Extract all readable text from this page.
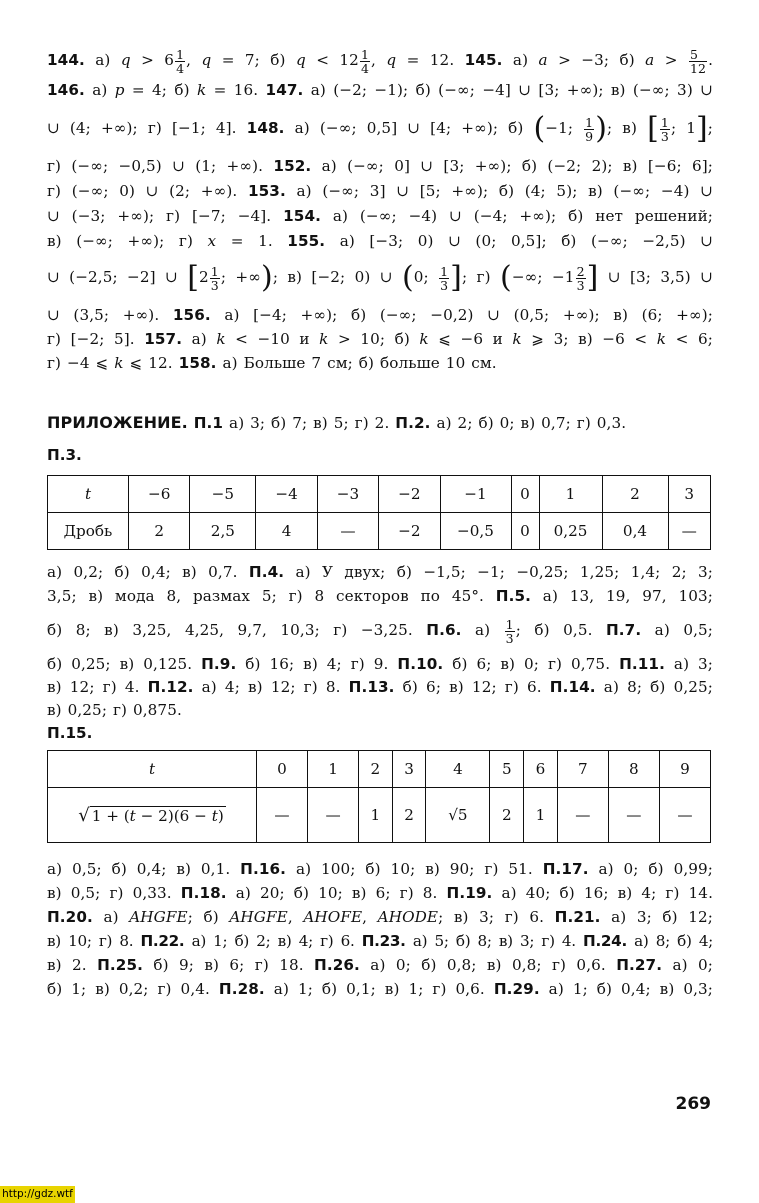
144. а) $q > 6 \frac{1}{4}$ , q = 7; б) $q < 12 \frac{1}{4}$ , q = 12. 145. а) a > −3; б) $a > \frac{5}{12}$ .

146. а) p = 4; б) k = 16. 147. а) (−2; −1); б) (−∞; −4] ∪ [3; +∞); в) (−∞; 3) ∪

∪ (4; +∞); г) [−1; 4]. 148. а) (−∞; 0,5] ∪ [4; +∞); б) (−1; $\frac{1}{9}$ ); в) [ $\frac{1}{3}$ ; 1];

г) (−∞; −0,5) ∪ (1; +∞). 152. а) (−∞; 0] ∪ [3; +∞); б) (−2; 2); в) [−6; 6];

г) (−∞; 0) ∪ (2; +∞). 153. а) (−∞; 3] ∪ [5; +∞); б) (4; 5); в) (−∞; −4) ∪

∪ (−3; +∞); г) [−7; −4]. 154. а) (−∞; −4) ∪ (−4; +∞); б) нет решений;

в) (−∞; +∞); г) x = 1. 155. а) [−3; 0) ∪ (0; 0,5]; б) (−∞; −2,5) ∪

∪ (−2,5; −2] ∪ [$2 \frac{1}{3}$ ; +∞); в) [−2; 0) ∪ (0; $\frac{1}{3}$ ]; г) (−∞; $-1 \frac{2}{3}$ ] ∪ [3; 3,5) ∪

∪ (3,5; +∞). 156. а) [−4; +∞); б) (−∞; −0,2) ∪ (0,5; +∞); в) (6; +∞);

г) [−2; 5]. 157. а) k < −10 и k > 10; б) k ⩽ −6 и k ⩾ 3; в) −6 < k < 6;

г) −4 ⩽ k ⩽ 12. 158. а) Больше 7 см; б) больше 10 см.

ПРИЛОЖЕНИЕ. П.1 а) 3; б) 7; в) 5; г) 2. П.2. а) 2; б) 0; в) 0,7; г) 0,3.

П.3.

t	−6	−5	−4	−3	−2	−1	0	1	2	3
Дробь	2	2,5	4	—	−2	−0,5	0	0,25	0,4	—

а) 0,2; б) 0,4; в) 0,7. П.4. а) У двух; б) −1,5; −1; −0,25; 1,25; 1,4; 2; 3;

3,5; в) мода 8, размах 5; г) 8 секторов по 45°. П.5. а) 13, 19, 97, 103;

б) 8; в) 3,25, 4,25, 9,7, 10,3; г) −3,25. П.6. $а) \frac{1}{3}$ ; б) 0,5. П.7. а) 0,5;

б) 0,25; в) 0,125. П.9. б) 16; в) 4; г) 9. П.10. б) 6; в) 0; г) 0,75. П.11. а) 3;

в) 12; г) 4. П.12. а) 4; в) 12; г) 8. П.13. б) 6; в) 12; г) 6. П.14. а) 8; б) 0,25;

в) 0,25; г) 0,875.

П.15.

t	0	1	2	3	4	5	6	7	8	9
√ 1 + (t − 2)(6 − t)	—	—	1	2	√5	2	1	—	—	—

а) 0,5; б) 0,4; в) 0,1. П.16. а) 100; б) 10; в) 90; г) 51. П.17. а) 0; б) 0,99;

в) 0,5; г) 0,33. П.18. а) 20; б) 10; в) 6; г) 8. П.19. а) 40; б) 16; в) 4; г) 14.

П.20. а) AHGFE; б) AHGFE, AHOFE, AHODE; в) 3; г) 6. П.21. а) 3; б) 12;

в) 10; г) 8. П.22. а) 1; б) 2; в) 4; г) 6. П.23. а) 5; б) 8; в) 3; г) 4. П.24. а) 8; б) 4;

в) 2. П.25. б) 9; в) 6; г) 18. П.26. а) 0; б) 0,8; в) 0,8; г) 0,6. П.27. а) 0;

б) 1; в) 0,2; г) 0,4. П.28. а) 1; б) 0,1; в) 1; г) 0,6. П.29. а) 1; б) 0,4; в) 0,3;

269
http://gdz.wtf
